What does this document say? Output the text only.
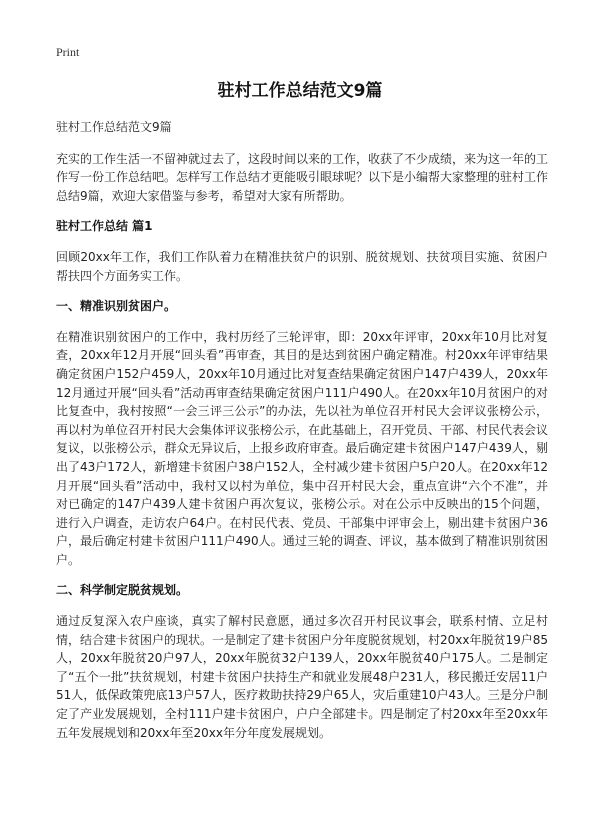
Print
驻村工作总结范文9篇

驻村工作总结范文9篇

充实的工作生活一不留神就过去了，这段时间以来的工作，收获了不少成绩，来为这一年的工作写一份工作总结吧。怎样写工作总结才更能吸引眼球呢？以下是小编帮大家整理的驻村工作总结9篇，欢迎大家借鉴与参考，希望对大家有所帮助。

驻村工作总结 篇1

回顾20xx年工作，我们工作队着力在精准扶贫户的识别、脱贫规划、扶贫项目实施、贫困户帮扶四个方面务实工作。

一、精准识别贫困户。

在精准识别贫困户的工作中，我村历经了三轮评审，即：20xx年评审，20xx年10月比对复查，20xx年12月开展“回头看”再审查，其目的是达到贫困户确定精准。村20xx年评审结果确定贫困户152户459人，20xx年10月通过比对复查结果确定贫困户147户439人，20xx年12月通过开展“回头看”活动再审查结果确定贫困户111户490人。在20xx年10月贫困户的对比复查中，我村按照“一会三评三公示”的办法，先以社为单位召开村民大会评议张榜公示，再以村为单位召开村民大会集体评议张榜公示，在此基础上，召开党员、干部、村民代表会议复议，以张榜公示，群众无异议后，上报乡政府审查。最后确定建卡贫困户147户439人，剔出了43户172人，新增建卡贫困户38户152人，全村减少建卡贫困户5户20人。在20xx年12月开展“回头看”活动中，我村又以村为单位，集中召开村民大会，重点宣讲“六个不准”，并对已确定的147户439人建卡贫困户再次复议，张榜公示。对在公示中反映出的15个问题，进行入户调查，走访农户64户。在村民代表、党员、干部集中评审会上，剔出建卡贫困户36户，最后确定村建卡贫困户111户490人。通过三轮的调查、评议，基本做到了精准识别贫困户。

二、科学制定脱贫规划。

通过反复深入农户座谈，真实了解村民意愿，通过多次召开村民议事会，联系村情、立足村情，结合建卡贫困户的现状。一是制定了建卡贫困户分年度脱贫规划，村20xx年脱贫19户85人，20xx年脱贫20户97人，20xx年脱贫32户139人，20xx年脱贫40户175人。二是制定了“五个一批”扶贫规划，村建卡贫困户扶持生产和就业发展48户231人，移民搬迁安居11户51人，低保政策兜底13户57人，医疗救助扶持29户65人，灾后重建10户43人。三是分户制定了产业发展规划，全村111户建卡贫困户，户户全部建卡。四是制定了村20xx年至20xx年五年发展规划和20xx年至20xx年分年度发展规划。
